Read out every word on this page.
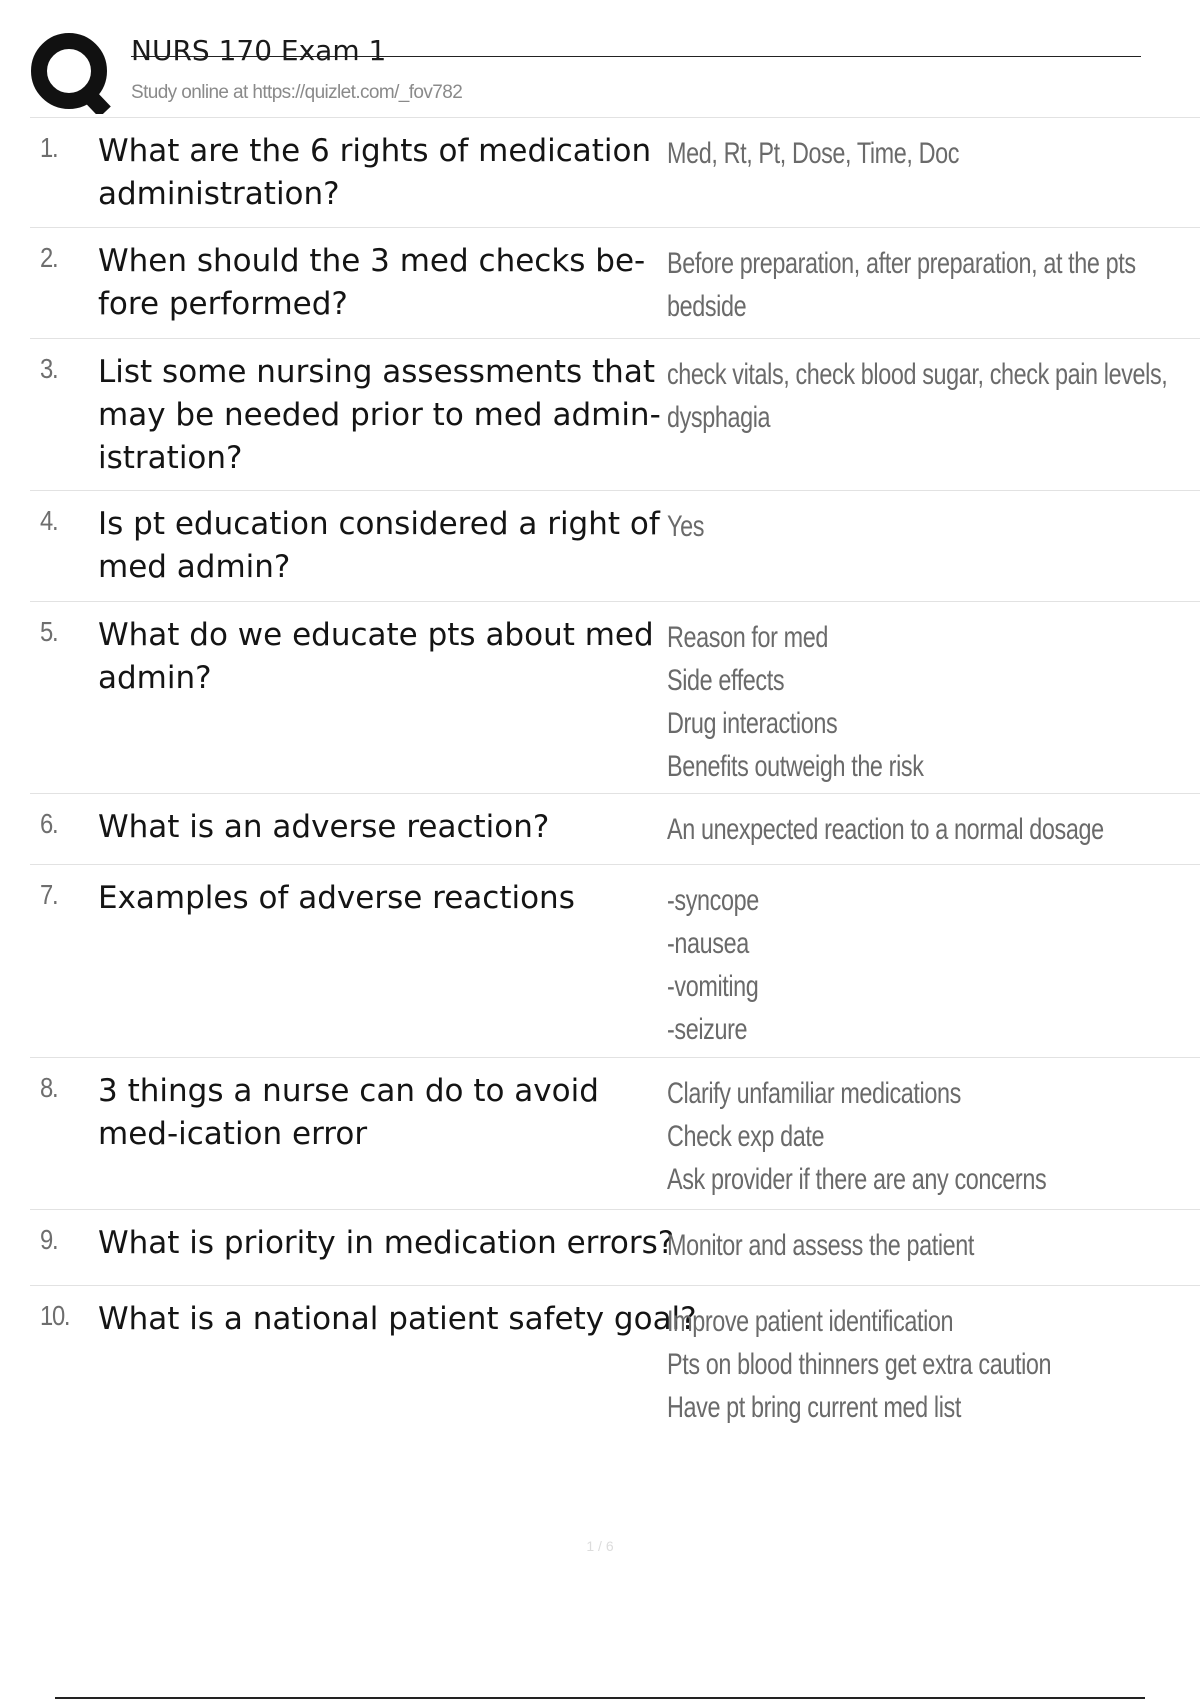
NURS 170 Exam 1
Study online at https://quizlet.com/_fov782
1. What are the 6 rights of medication administration?
Med, Rt, Pt, Dose, Time, Doc
2. When should the 3 med checks be-fore performed?
Before preparation, after preparation, at the pts
bedside
3. List some nursing assessments that may be needed prior to med admin-istration?
check vitals, check blood sugar, check pain levels,
dysphagia
4. Is pt education considered a right of med admin?
Yes
5. What do we educate pts about med admin?
Reason for med
Side effects
Drug interactions
Benefits outweigh the risk
6. What is an adverse reaction?	An unexpected reaction to a normal dosage
7. Examples of adverse reactions	-syncope
-nausea
-vomiting
-seizure
8. 3 things a nurse can do to avoid med-ication error
Clarify unfamiliar medications
Check exp date
Ask provider if there are any concerns
9. What is priority in medication errors?
Monitor and assess the patient
10. What is a national patient safety goal?
Improve patient identification
Pts on blood thinners get extra caution
Have pt bring current med list
1 / 6
